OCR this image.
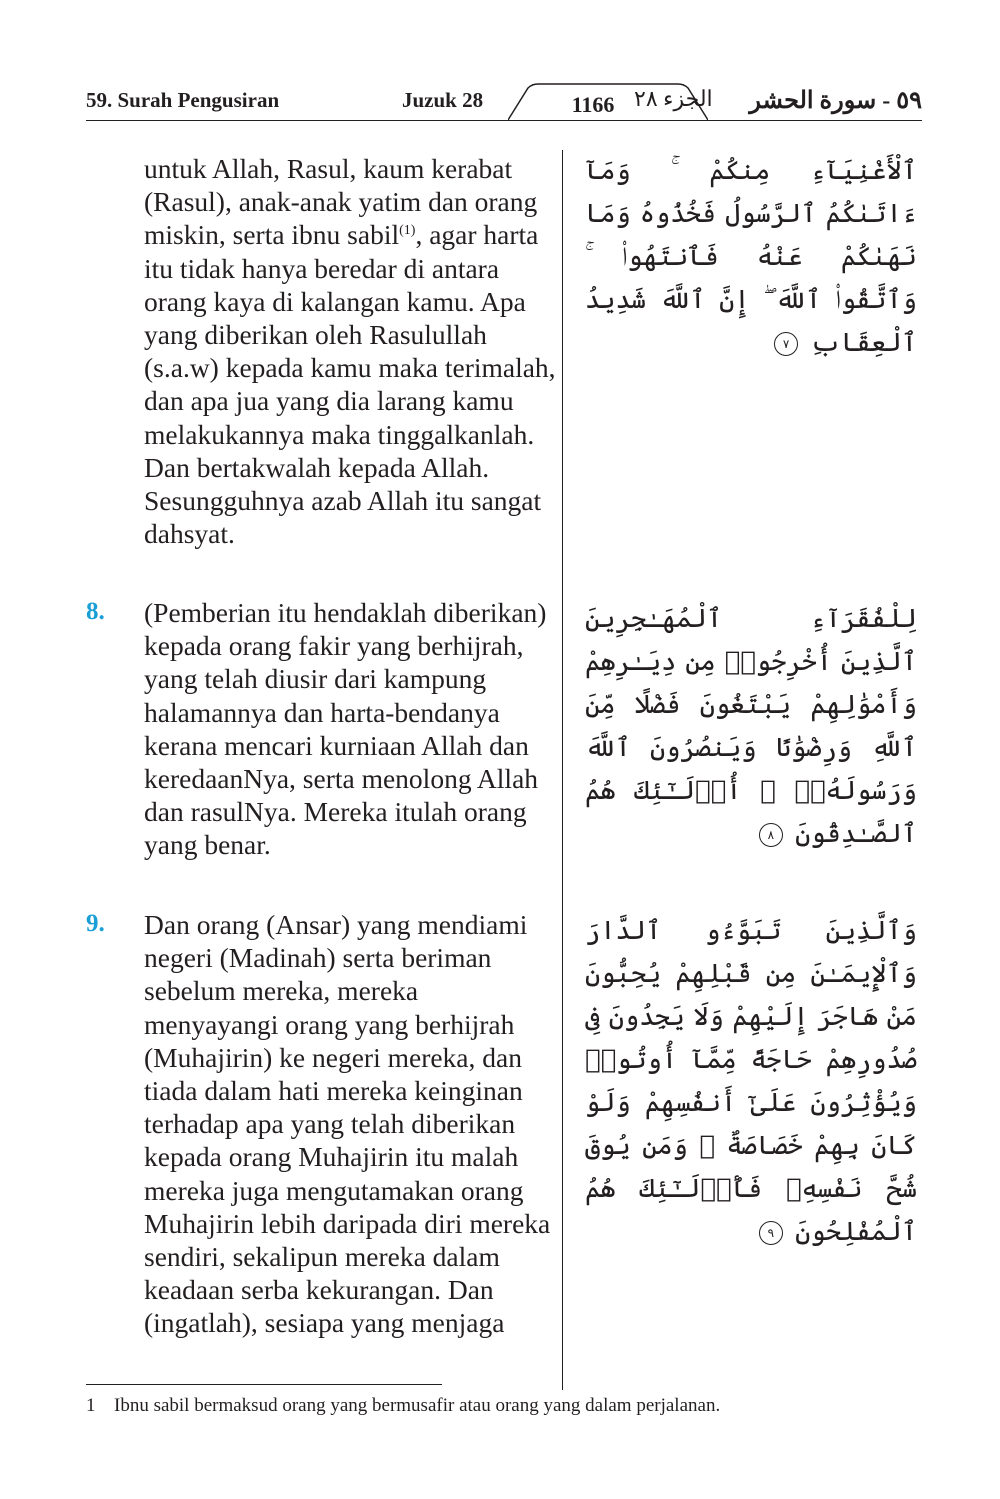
59. Surah Pengusiran	Juzuk 28	1166 الجزء ٢٨ ٥٩ - سورة الحشر

untuk Allah, Rasul, kaum kerabat (Rasul), anak-anak yatim dan orang miskin, serta ibnu sabil$^{(1)}$, agar harta itu tidak hanya beredar di antara orang kaya di kalangan kamu. Apa yang diberikan oleh Rasulullah (s.a.w) kepada kamu maka terimalah, dan apa jua yang dia larang kamu melakukannya maka tinggalkanlah. Dan bertakwalah kepada Allah. Sesungguhnya azab Allah itu sangat dahsyat.

ٱلْأَغْنِيَآءِ مِنكُمْ ۚ وَمَآ ءَاتَىٰكُمُ ٱلرَّسُولُ فَخُذُوهُ وَمَا نَهَىٰكُمْ عَنْهُ فَٱنتَهُوا۟ ۚ وَٱتَّقُوا۟ ٱللَّهَ ۖ إِنَّ ٱللَّهَ شَدِيدُ ٱلْعِقَابِ ٧
8. (Pemberian itu hendaklah diberikan) kepada orang fakir yang berhijrah, yang telah diusir dari kampung halamannya dan harta-bendanya kerana mencari kurniaan Allah dan keredaanNya, serta menolong Allah dan rasulNya. Mereka itulah orang yang benar.

لِلْفُقَرَآءِ ٱلْمُهَـٰجِرِينَ ٱلَّذِينَ أُخْرِجُوا۟ مِن دِيَـٰرِهِمْ وَأَمْوَٰلِهِمْ يَبْتَغُونَ فَضْلًا مِّنَ ٱللَّهِ وَرِضْوَٰنًا وَيَنصُرُونَ ٱللَّهَ وَرَسُولَهُۥٓ ۚ أُو۟لَـٰٓئِكَ هُمُ ٱلصَّـٰدِقُونَ ٨
9. Dan orang (Ansar) yang mendiami negeri (Madinah) serta beriman sebelum mereka, mereka menyayangi orang yang berhijrah (Muhajirin) ke negeri mereka, dan tiada dalam hati mereka keinginan terhadap apa yang telah diberikan kepada orang Muhajirin itu malah mereka juga mengutamakan orang Muhajirin lebih daripada diri mereka sendiri, sekalipun mereka dalam keadaan serba kekurangan. Dan (ingatlah), sesiapa yang menjaga

وَٱلَّذِينَ تَبَوَّءُو ٱلدَّارَ وَٱلْإِيمَـٰنَ مِن قَبْلِهِمْ يُحِبُّونَ مَنْ هَاجَرَ إِلَيْهِمْ وَلَا يَجِدُونَ فِى صُدُورِهِمْ حَاجَةً مِّمَّآ أُوتُوا۟ وَيُؤْثِرُونَ عَلَىٰٓ أَنفُسِهِمْ وَلَوْ كَانَ بِهِمْ خَصَاصَةٌ ۚ وَمَن يُوقَ شُحَّ نَفْسِهِۦ فَأُو۟لَـٰٓئِكَ هُمُ ٱلْمُفْلِحُونَ ٩
1 Ibnu sabil bermaksud orang yang bermusafir atau orang yang dalam perjalanan.
